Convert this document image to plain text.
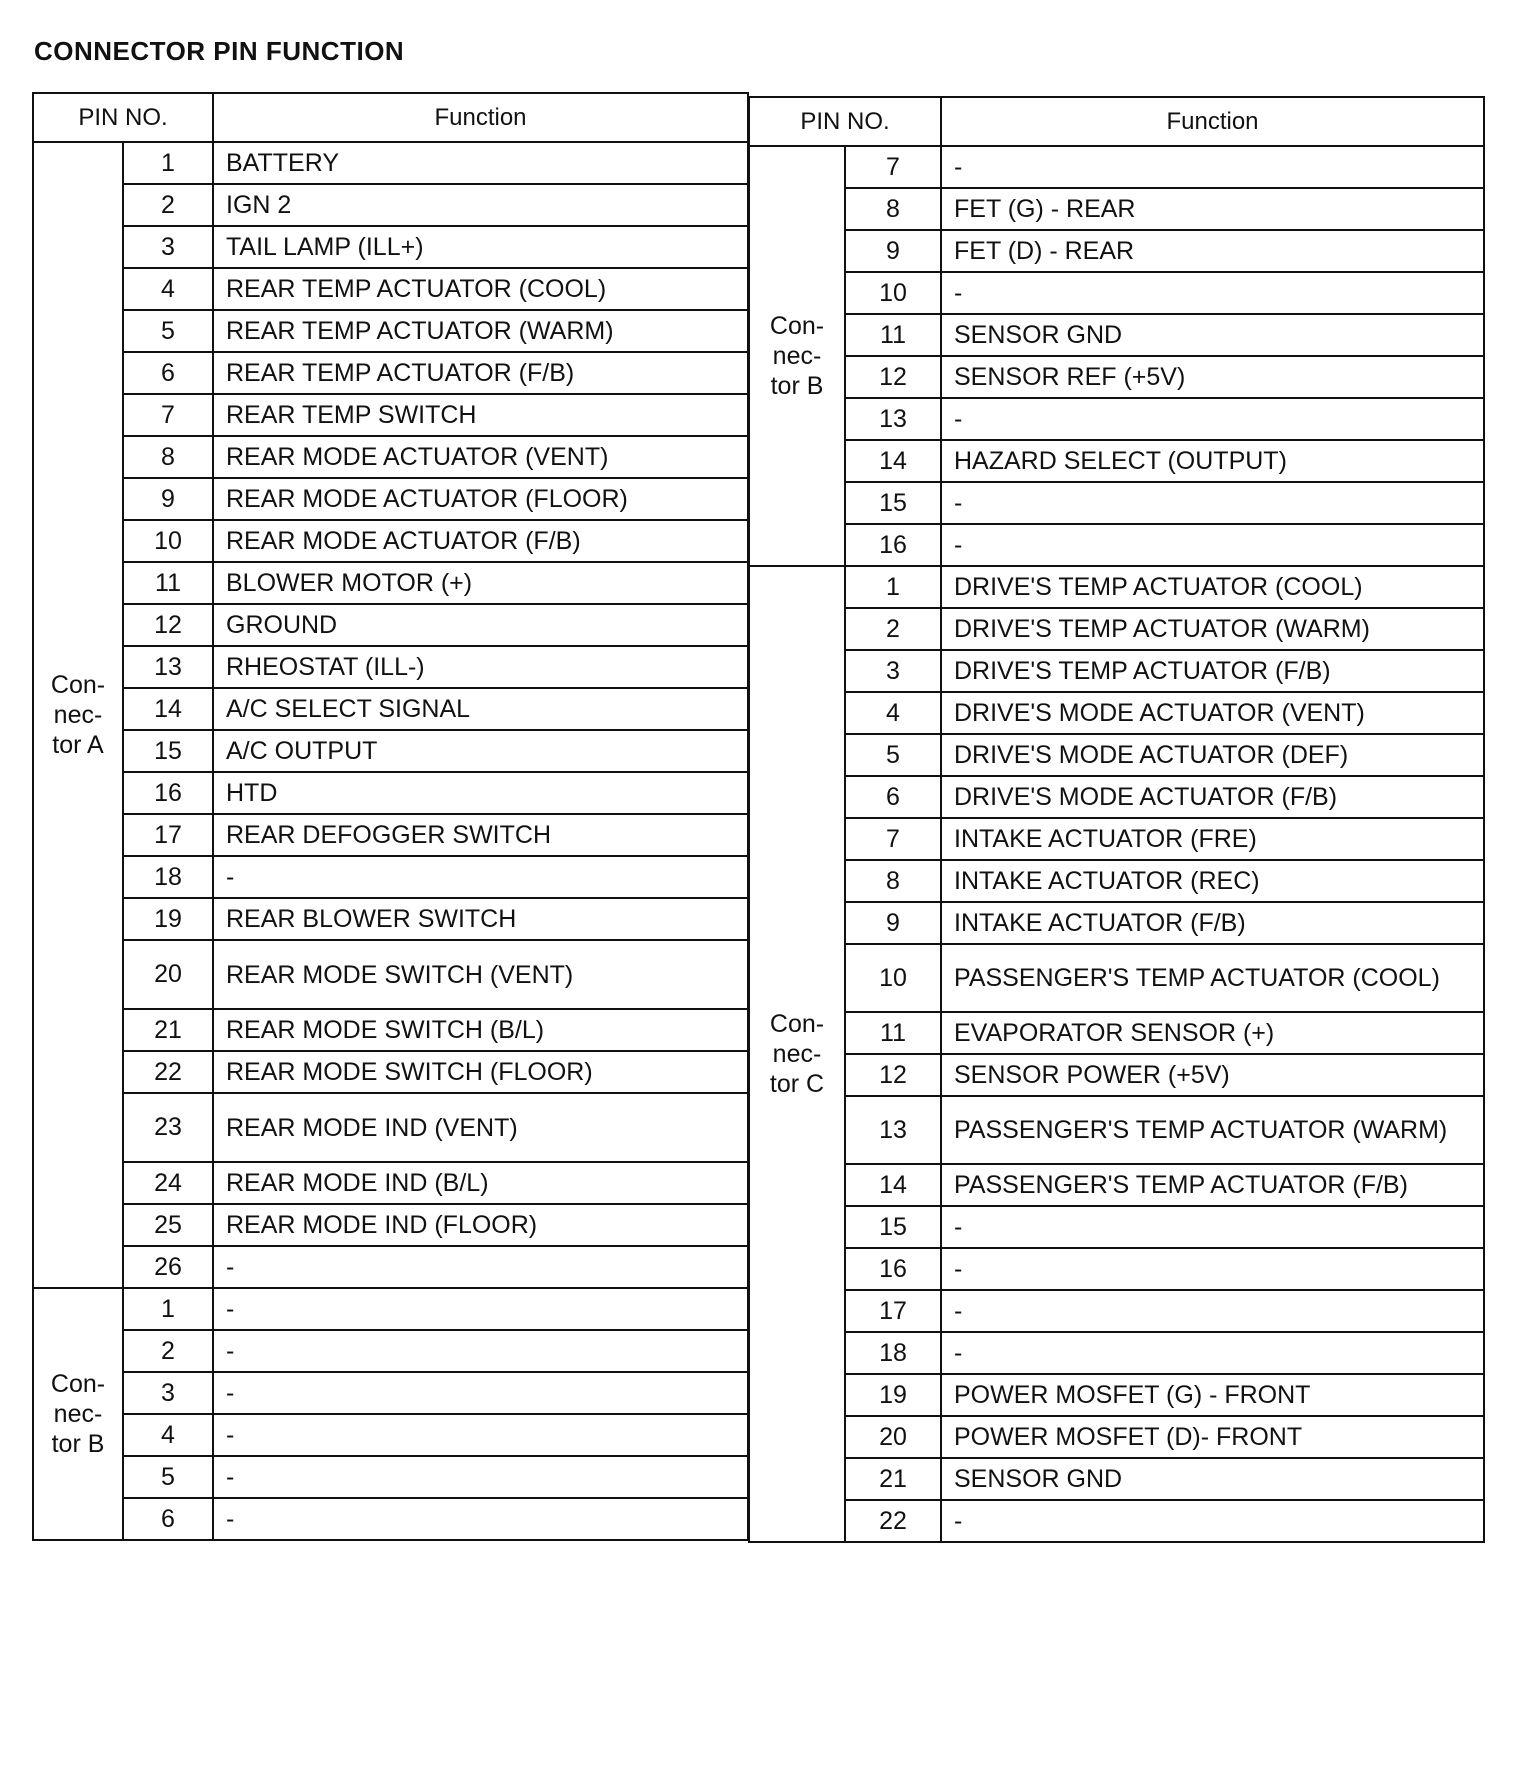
CONNECTOR PIN FUNCTION
PIN NO.		Function
Con-
nec-
tor A	1	BATTERY
	2	IGN 2
	3	TAIL LAMP (ILL+)
	4	REAR TEMP ACTUATOR (COOL)
	5	REAR TEMP ACTUATOR (WARM)
	6	REAR TEMP ACTUATOR (F/B)
	7	REAR TEMP SWITCH
	8	REAR MODE ACTUATOR (VENT)
	9	REAR MODE ACTUATOR (FLOOR)
	10	REAR MODE ACTUATOR (F/B)
	11	BLOWER MOTOR (+)
	12	GROUND
	13	RHEOSTAT (ILL-)
	14	A/C SELECT SIGNAL
	15	A/C OUTPUT
	16	HTD
	17	REAR DEFOGGER SWITCH
	18	-
	19	REAR BLOWER SWITCH
	20	REAR MODE SWITCH (VENT)
	21	REAR MODE SWITCH (B/L)
	22	REAR MODE SWITCH (FLOOR)
	23	REAR MODE IND (VENT)
	24	REAR MODE IND (B/L)
	25	REAR MODE IND (FLOOR)
	26	-
Con-
nec-
tor B	1	-
	2	-
	3	-
	4	-
	5	-
	6	-
PIN NO.		Function
Con-
nec-
tor B	7	-
	8	FET (G) - REAR
	9	FET (D) - REAR
	10	-
	11	SENSOR GND
	12	SENSOR REF (+5V)
	13	-
	14	HAZARD SELECT (OUTPUT)
	15	-
	16	-
Con-
nec-
tor C	1	DRIVE'S TEMP ACTUATOR (COOL)
	2	DRIVE'S TEMP ACTUATOR (WARM)
	3	DRIVE'S TEMP ACTUATOR (F/B)
	4	DRIVE'S MODE ACTUATOR (VENT)
	5	DRIVE'S MODE ACTUATOR (DEF)
	6	DRIVE'S MODE ACTUATOR (F/B)
	7	INTAKE ACTUATOR (FRE)
	8	INTAKE ACTUATOR (REC)
	9	INTAKE ACTUATOR (F/B)
	10	PASSENGER'S TEMP ACTUATOR (COOL)
	11	EVAPORATOR SENSOR (+)
	12	SENSOR POWER (+5V)
	13	PASSENGER'S TEMP ACTUATOR (WARM)
	14	PASSENGER'S TEMP ACTUATOR (F/B)
	15	-
	16	-
	17	-
	18	-
	19	POWER MOSFET (G) - FRONT
	20	POWER MOSFET (D)- FRONT
	21	SENSOR GND
	22	-
